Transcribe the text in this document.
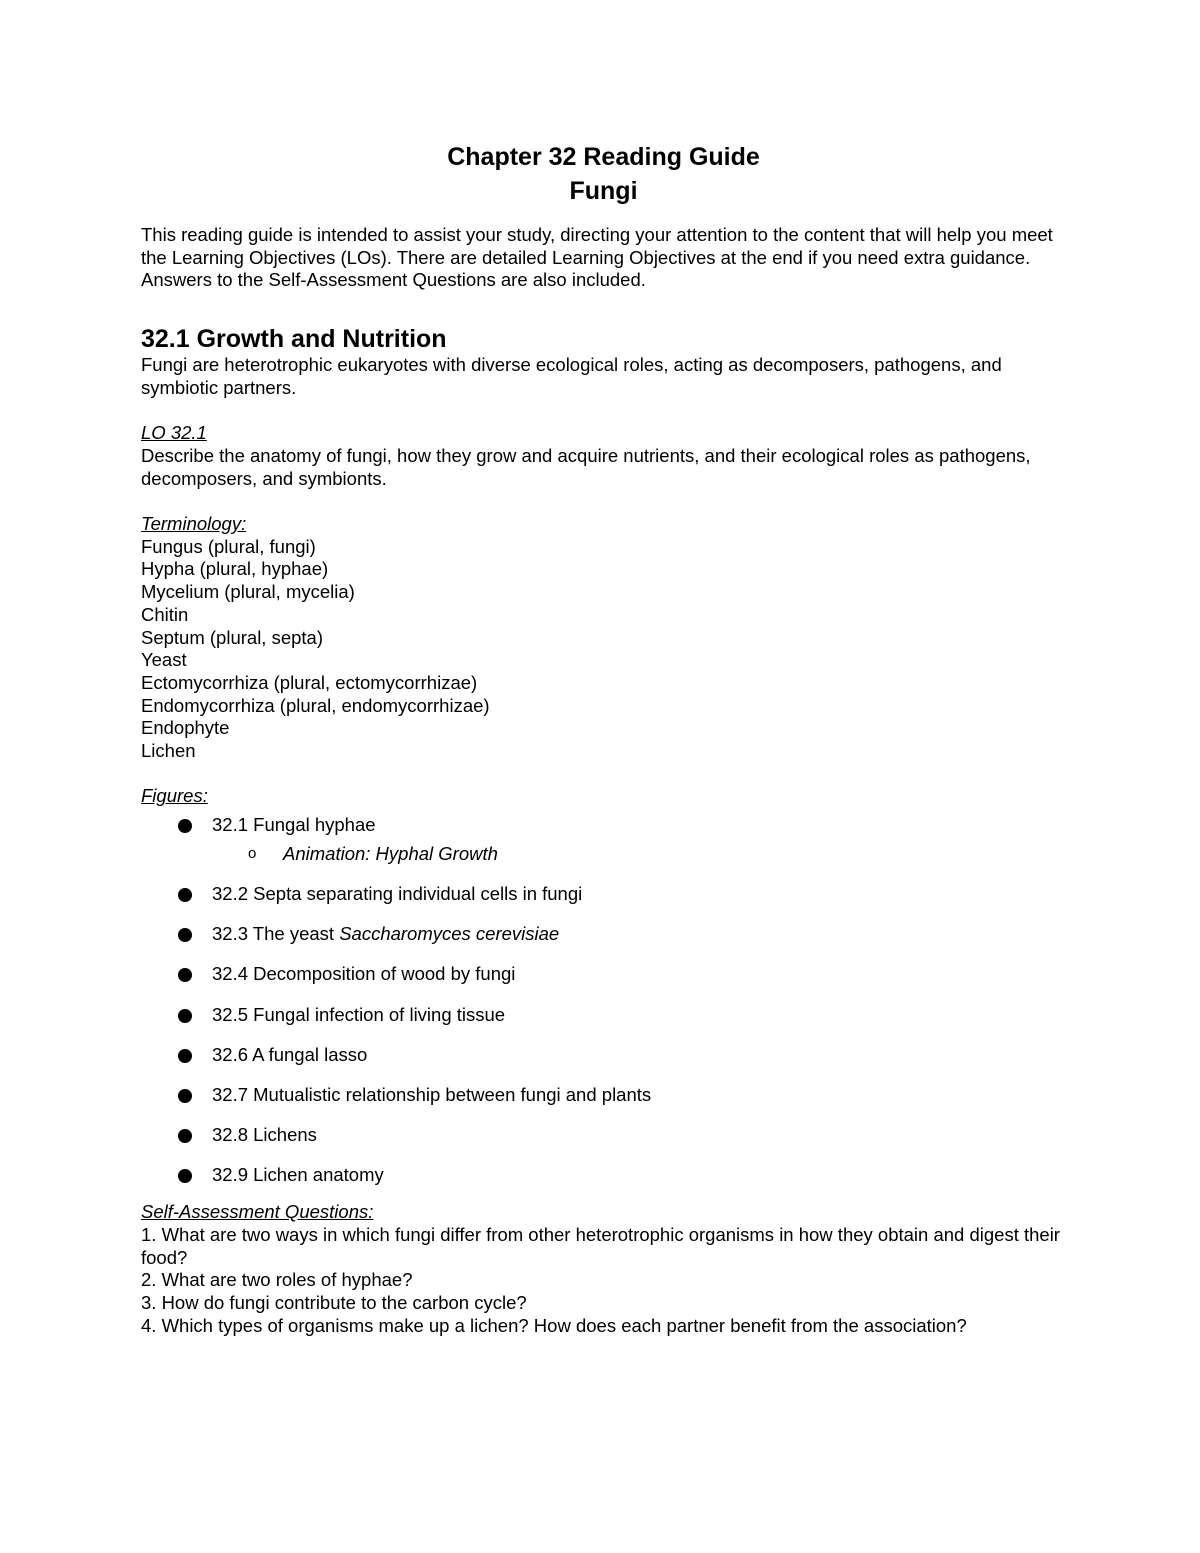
Chapter 32 Reading Guide
Fungi

This reading guide is intended to assist your study, directing your attention to the content that will help you meet the Learning Objectives (LOs). There are detailed Learning Objectives at the end if you need extra guidance. Answers to the Self-Assessment Questions are also included.

32.1 Growth and Nutrition

Fungi are heterotrophic eukaryotes with diverse ecological roles, acting as decomposers, pathogens, and symbiotic partners.

LO 32.1

Describe the anatomy of fungi, how they grow and acquire nutrients, and their ecological roles as pathogens, decomposers, and symbionts.

Terminology:

Fungus (plural, fungi)

Hypha (plural, hyphae)

Mycelium (plural, mycelia)

Chitin

Septum (plural, septa)

Yeast

Ectomycorrhiza (plural, ectomycorrhizae)

Endomycorrhiza (plural, endomycorrhizae)

Endophyte

Lichen

Figures:

32.1 Fungal hyphae
o Animation: Hyphal Growth
32.2 Septa separating individual cells in fungi
32.3 The yeast Saccharomyces cerevisiae
32.4 Decomposition of wood by fungi
32.5 Fungal infection of living tissue
32.6 A fungal lasso
32.7 Mutualistic relationship between fungi and plants
32.8 Lichens
32.9 Lichen anatomy

Self-Assessment Questions:

1. What are two ways in which fungi differ from other heterotrophic organisms in how they obtain and digest their food?

2. What are two roles of hyphae?

3. How do fungi contribute to the carbon cycle?

4. Which types of organisms make up a lichen? How does each partner benefit from the association?
